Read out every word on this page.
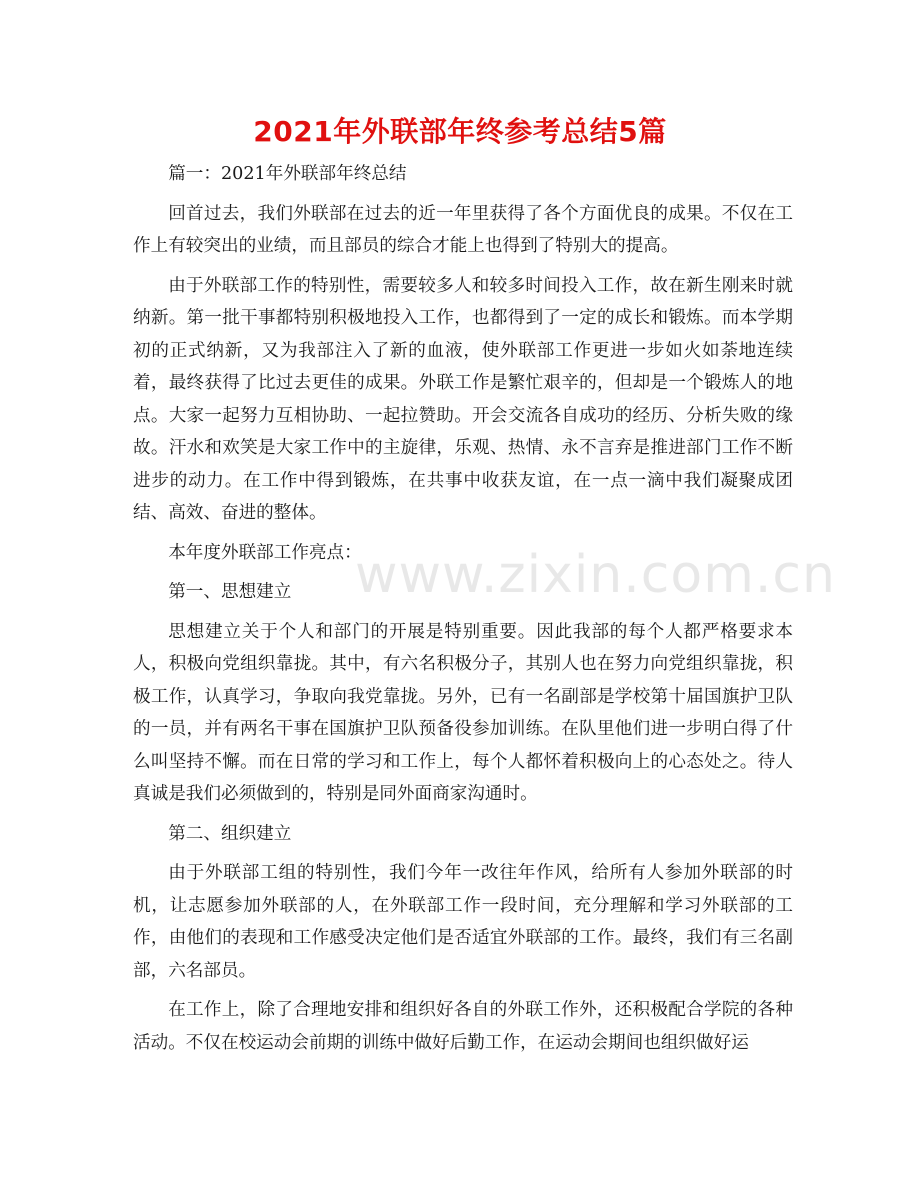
2021年外联部年终参考总结5篇

篇一：2021年外联部年终总结

回首过去，我们外联部在过去的近一年里获得了各个方面优良的成果。不仅在工作上有较突出的业绩，而且部员的综合才能上也得到了特别大的提高。

由于外联部工作的特别性，需要较多人和较多时间投入工作，故在新生刚来时就纳新。第一批干事都特别积极地投入工作，也都得到了一定的成长和锻炼。而本学期初的正式纳新，又为我部注入了新的血液，使外联部工作更进一步如火如荼地连续着，最终获得了比过去更佳的成果。外联工作是繁忙艰辛的，但却是一个锻炼人的地点。大家一起努力互相协助、一起拉赞助。开会交流各自成功的经历、分析失败的缘故。汗水和欢笑是大家工作中的主旋律，乐观、热情、永不言弃是推进部门工作不断进步的动力。在工作中得到锻炼，在共事中收获友谊，在一点一滴中我们凝聚成团结、高效、奋进的整体。

本年度外联部工作亮点：

第一、思想建立

思想建立关于个人和部门的开展是特别重要。因此我部的每个人都严格要求本人，积极向党组织靠拢。其中，有六名积极分子，其别人也在努力向党组织靠拢，积极工作，认真学习，争取向我党靠拢。另外，已有一名副部是学校第十届国旗护卫队的一员，并有两名干事在国旗护卫队预备役参加训练。在队里他们进一步明白得了什么叫坚持不懈。而在日常的学习和工作上，每个人都怀着积极向上的心态处之。待人真诚是我们必须做到的，特别是同外面商家沟通时。

第二、组织建立

由于外联部工组的特别性，我们今年一改往年作风，给所有人参加外联部的时机，让志愿参加外联部的人，在外联部工作一段时间，充分理解和学习外联部的工作，由他们的表现和工作感受决定他们是否适宜外联部的工作。最终，我们有三名副部，六名部员。

在工作上，除了合理地安排和组织好各自的外联工作外，还积极配合学院的各种活动。不仅在校运动会前期的训练中做好后勤工作，在运动会期间也组织做好运

www.zixin.com.cn
